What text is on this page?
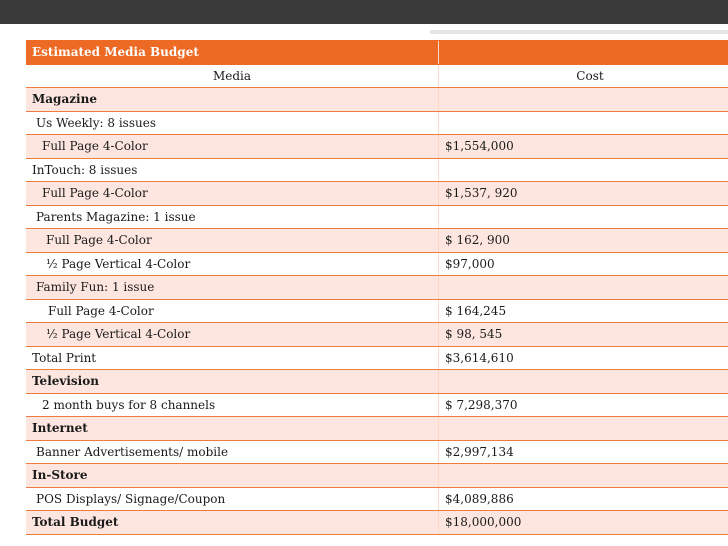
Estimated Media Budget	
Media	Cost
Magazine	
Us Weekly: 8 issues	
Full Page 4-Color	$1,554,000
InTouch: 8 issues	
Full Page 4-Color	$1,537, 920
Parents Magazine: 1 issue	
Full Page 4-Color	$ 162, 900
½ Page Vertical 4-Color	$97,000
Family Fun: 1 issue	
Full Page 4-Color	$ 164,245
½ Page Vertical 4-Color	$ 98, 545
Total Print	$3,614,610
Television	
2 month buys for 8 channels	$ 7,298,370
Internet	
Banner Advertisements/ mobile	$2,997,134
In-Store	
POS Displays/ Signage/Coupon	$4,089,886
Total Budget	$18,000,000
